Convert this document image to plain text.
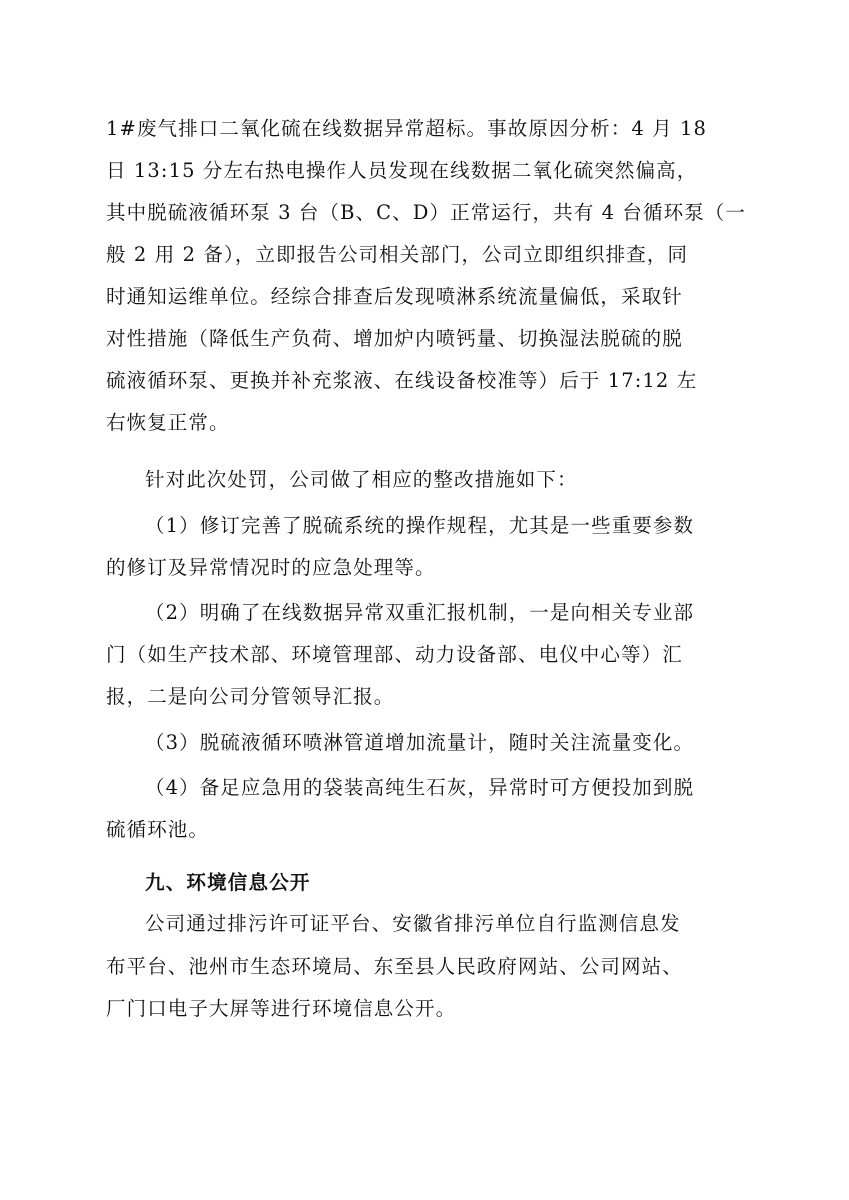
1#废气排口二氧化硫在线数据异常超标。事故原因分析：4 月 18
日 13:15 分左右热电操作人员发现在线数据二氧化硫突然偏高，
其中脱硫液循环泵 3 台（B、C、D）正常运行，共有 4 台循环泵（一
般 2 用 2 备），立即报告公司相关部门，公司立即组织排查，同
时通知运维单位。经综合排查后发现喷淋系统流量偏低，采取针
对性措施（降低生产负荷、增加炉内喷钙量、切换湿法脱硫的脱
硫液循环泵、更换并补充浆液、在线设备校准等）后于 17:12 左
右恢复正常。
针对此次处罚，公司做了相应的整改措施如下：
（1）修订完善了脱硫系统的操作规程，尤其是一些重要参数
的修订及异常情况时的应急处理等。
（2）明确了在线数据异常双重汇报机制，一是向相关专业部
门（如生产技术部、环境管理部、动力设备部、电仪中心等）汇
报，二是向公司分管领导汇报。
（3）脱硫液循环喷淋管道增加流量计，随时关注流量变化。
（4）备足应急用的袋装高纯生石灰，异常时可方便投加到脱
硫循环池。
九、环境信息公开
公司通过排污许可证平台、安徽省排污单位自行监测信息发
布平台、池州市生态环境局、东至县人民政府网站、公司网站、
厂门口电子大屏等进行环境信息公开。
